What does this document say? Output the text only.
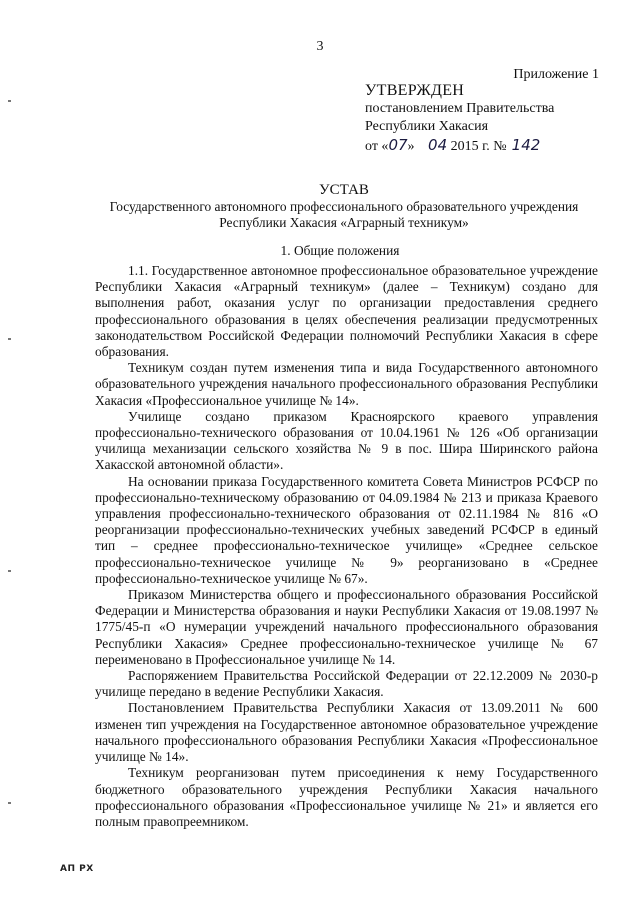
3
Приложение 1
УТВЕРЖДЕН
постановлением Правительства
Республики Хакасия
от «07» 04 2015 г. № 142
УСТАВ
Государственного автономного профессионального образовательного учреждения Республики Хакасия «Аграрный техникум»
1. Общие положения

1.1. Государственное автономное профессиональное образовательное учреждение Республики Хакасия «Аграрный техникум» (далее – Техникум) создано для выполнения работ, оказания услуг по организации предоставления среднего профессионального образования в целях обеспечения реализации предусмотренных законодательством Российской Федерации полномочий Республики Хакасия в сфере образования.

Техникум создан путем изменения типа и вида Государственного автономного образовательного учреждения начального профессионального образования Республики Хакасия «Профессиональное училище № 14».

Училище создано приказом Красноярского краевого управления профессионально-технического образования от 10.04.1961 № 126 «Об организации училища механизации сельского хозяйства № 9 в пос. Шира Ширинского района Хакасской автономной области».

На основании приказа Государственного комитета Совета Министров РСФСР по профессионально-техническому образованию от 04.09.1984 № 213 и приказа Краевого управления профессионально-технического образования от 02.11.1984 № 816 «О реорганизации профессионально-технических учебных заведений РСФСР в единый тип – среднее профессионально-техническое училище» «Среднее сельское профессионально-техническое училище № 9» реорганизовано в «Среднее профессионально-техническое училище № 67».

Приказом Министерства общего и профессионального образования Российской Федерации и Министерства образования и науки Республики Хакасия от 19.08.1997 № 1775/45-п «О нумерации учреждений начального профессионального образования Республики Хакасия» Среднее профессионально-техническое училище № 67 переименовано в Профессиональное училище № 14.

Распоряжением Правительства Российской Федерации от 22.12.2009 № 2030-р училище передано в ведение Республики Хакасия.

Постановлением Правительства Республики Хакасия от 13.09.2011 № 600 изменен тип учреждения на Государственное автономное образовательное учреждение начального профессионального образования Республики Хакасия «Профессиональное училище № 14».

Техникум реорганизован путем присоединения к нему Государственного бюджетного образовательного учреждения Республики Хакасия начального профессионального образования «Профессиональное училище № 21» и является его полным правопреемником.

АП РХ
